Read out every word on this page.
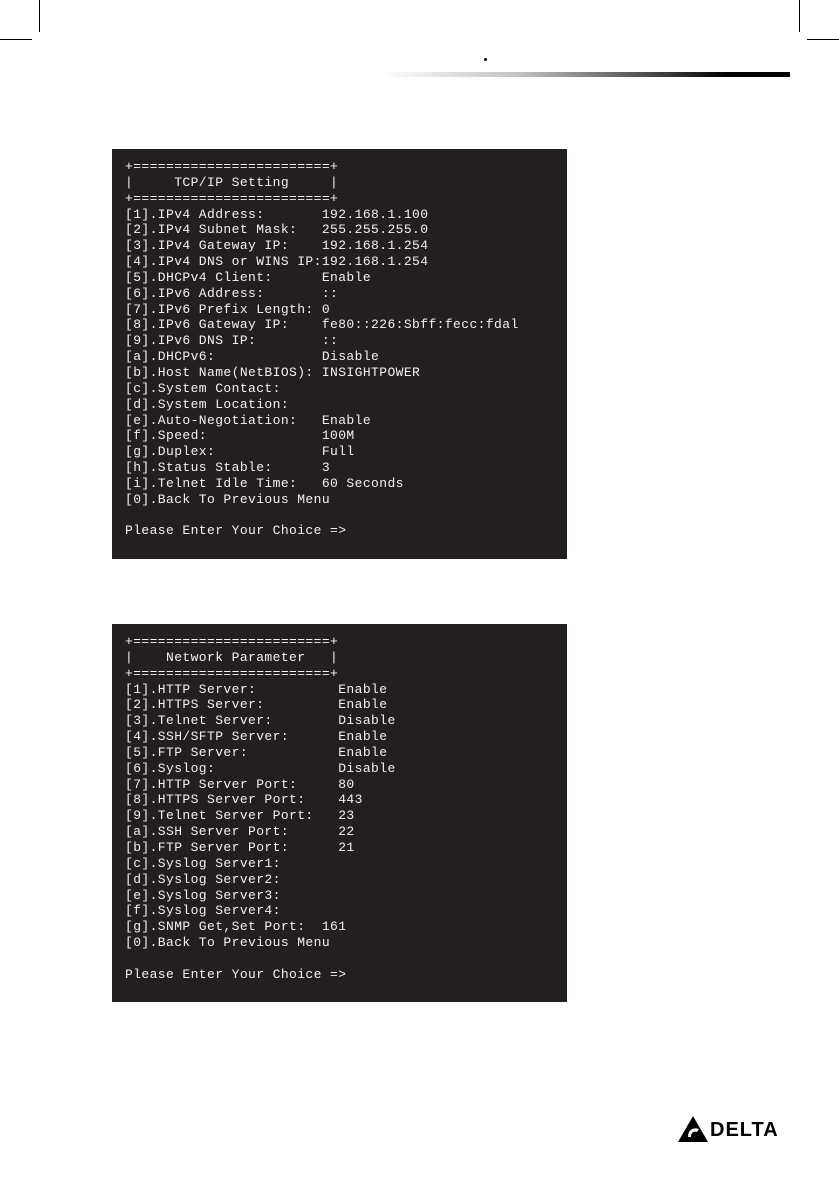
+========================+
|     TCP/IP Setting     |
+========================+
[1].IPv4 Address:       192.168.1.100
[2].IPv4 Subnet Mask:   255.255.255.0
[3].IPv4 Gateway IP:    192.168.1.254
[4].IPv4 DNS or WINS IP:192.168.1.254
[5].DHCPv4 Client:      Enable
[6].IPv6 Address:       ::
[7].IPv6 Prefix Length: 0
[8].IPv6 Gateway IP:    fe80::226:Sbff:fecc:fdal
[9].IPv6 DNS IP:        ::
[a].DHCPv6:             Disable
[b].Host Name(NetBIOS): INSIGHTPOWER
[c].System Contact:
[d].System Location:
[e].Auto-Negotiation:   Enable
[f].Speed:              100M
[g].Duplex:             Full
[h].Status Stable:      3
[i].Telnet Idle Time:   60 Seconds
[0].Back To Previous Menu
Please Enter Your Choice =>
+========================+
|    Network Parameter   |
+========================+
[1].HTTP Server:          Enable
[2].HTTPS Server:         Enable
[3].Telnet Server:        Disable
[4].SSH/SFTP Server:      Enable
[5].FTP Server:           Enable
[6].Syslog:               Disable
[7].HTTP Server Port:     80
[8].HTTPS Server Port:    443
[9].Telnet Server Port:   23
[a].SSH Server Port:      22
[b].FTP Server Port:      21
[c].Syslog Server1:
[d].Syslog Server2:
[e].Syslog Server3:
[f].Syslog Server4:
[g].SNMP Get,Set Port:  161
[0].Back To Previous Menu
Please Enter Your Choice =>
DELTA
